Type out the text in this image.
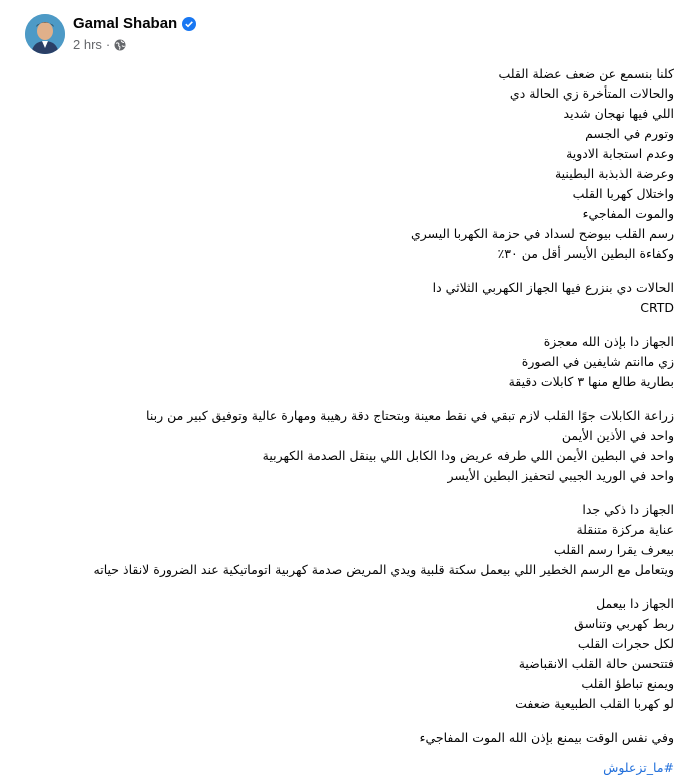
Gamal Shaban
2 hrs ·
كلنا بنسمع عن ضعف عضلة القلب
والحالات المتأخرة زي الحالة دي
اللي فيها نهجان شديد
وتورم في الجسم
وعدم استجابة الادوية
وعرضة الذبذبة البطينية
واختلال كهربا القلب
والموت المفاجيء
رسم القلب بيوضح لسداد في حزمة الكهربا اليسري
وكفاءة البطين الأيسر أقل من ٣٠٪
الحالات دي بنزرع فيها الجهاز الكهربي الثلاثي دا
CRTD
الجهاز دا بإذن الله معجزة
زي ماانتم شايفين في الصورة
بطارية طالع منها ٣ كابلات دقيقة
زراعة الكابلات جوًا القلب لازم تبقي في نقط معينة وبتحتاج دقة رهيبة ومهارة عالية وتوفيق كبير من ربنا
واحد في الأذين الأيمن
واحد في البطين الأيمن اللي طرفه عريض ودا الكابل اللي بينقل الصدمة الكهربية
واحد في الوريد الجيبي لتحفيز البطين الأيسر
الجهاز دا ذكي جدا
عناية مركزة متنقلة
بيعرف يقرا رسم القلب
ويتعامل مع الرسم الخطير اللي بيعمل سكتة قلبية ويدي المريض صدمة كهربية اتوماتيكية عند الضرورة لانقاذ حياته
الجهاز دا بيعمل
ربط كهربي وتناسق
لكل حجرات القلب
فتتحسن حالة القلب الانقباضية
ويمنع تباطؤ القلب
لو كهربا القلب الطبيعية ضعفت
وفي نفس الوقت بيمنع بإذن الله الموت المفاجيء
#ما_تزعلوش
